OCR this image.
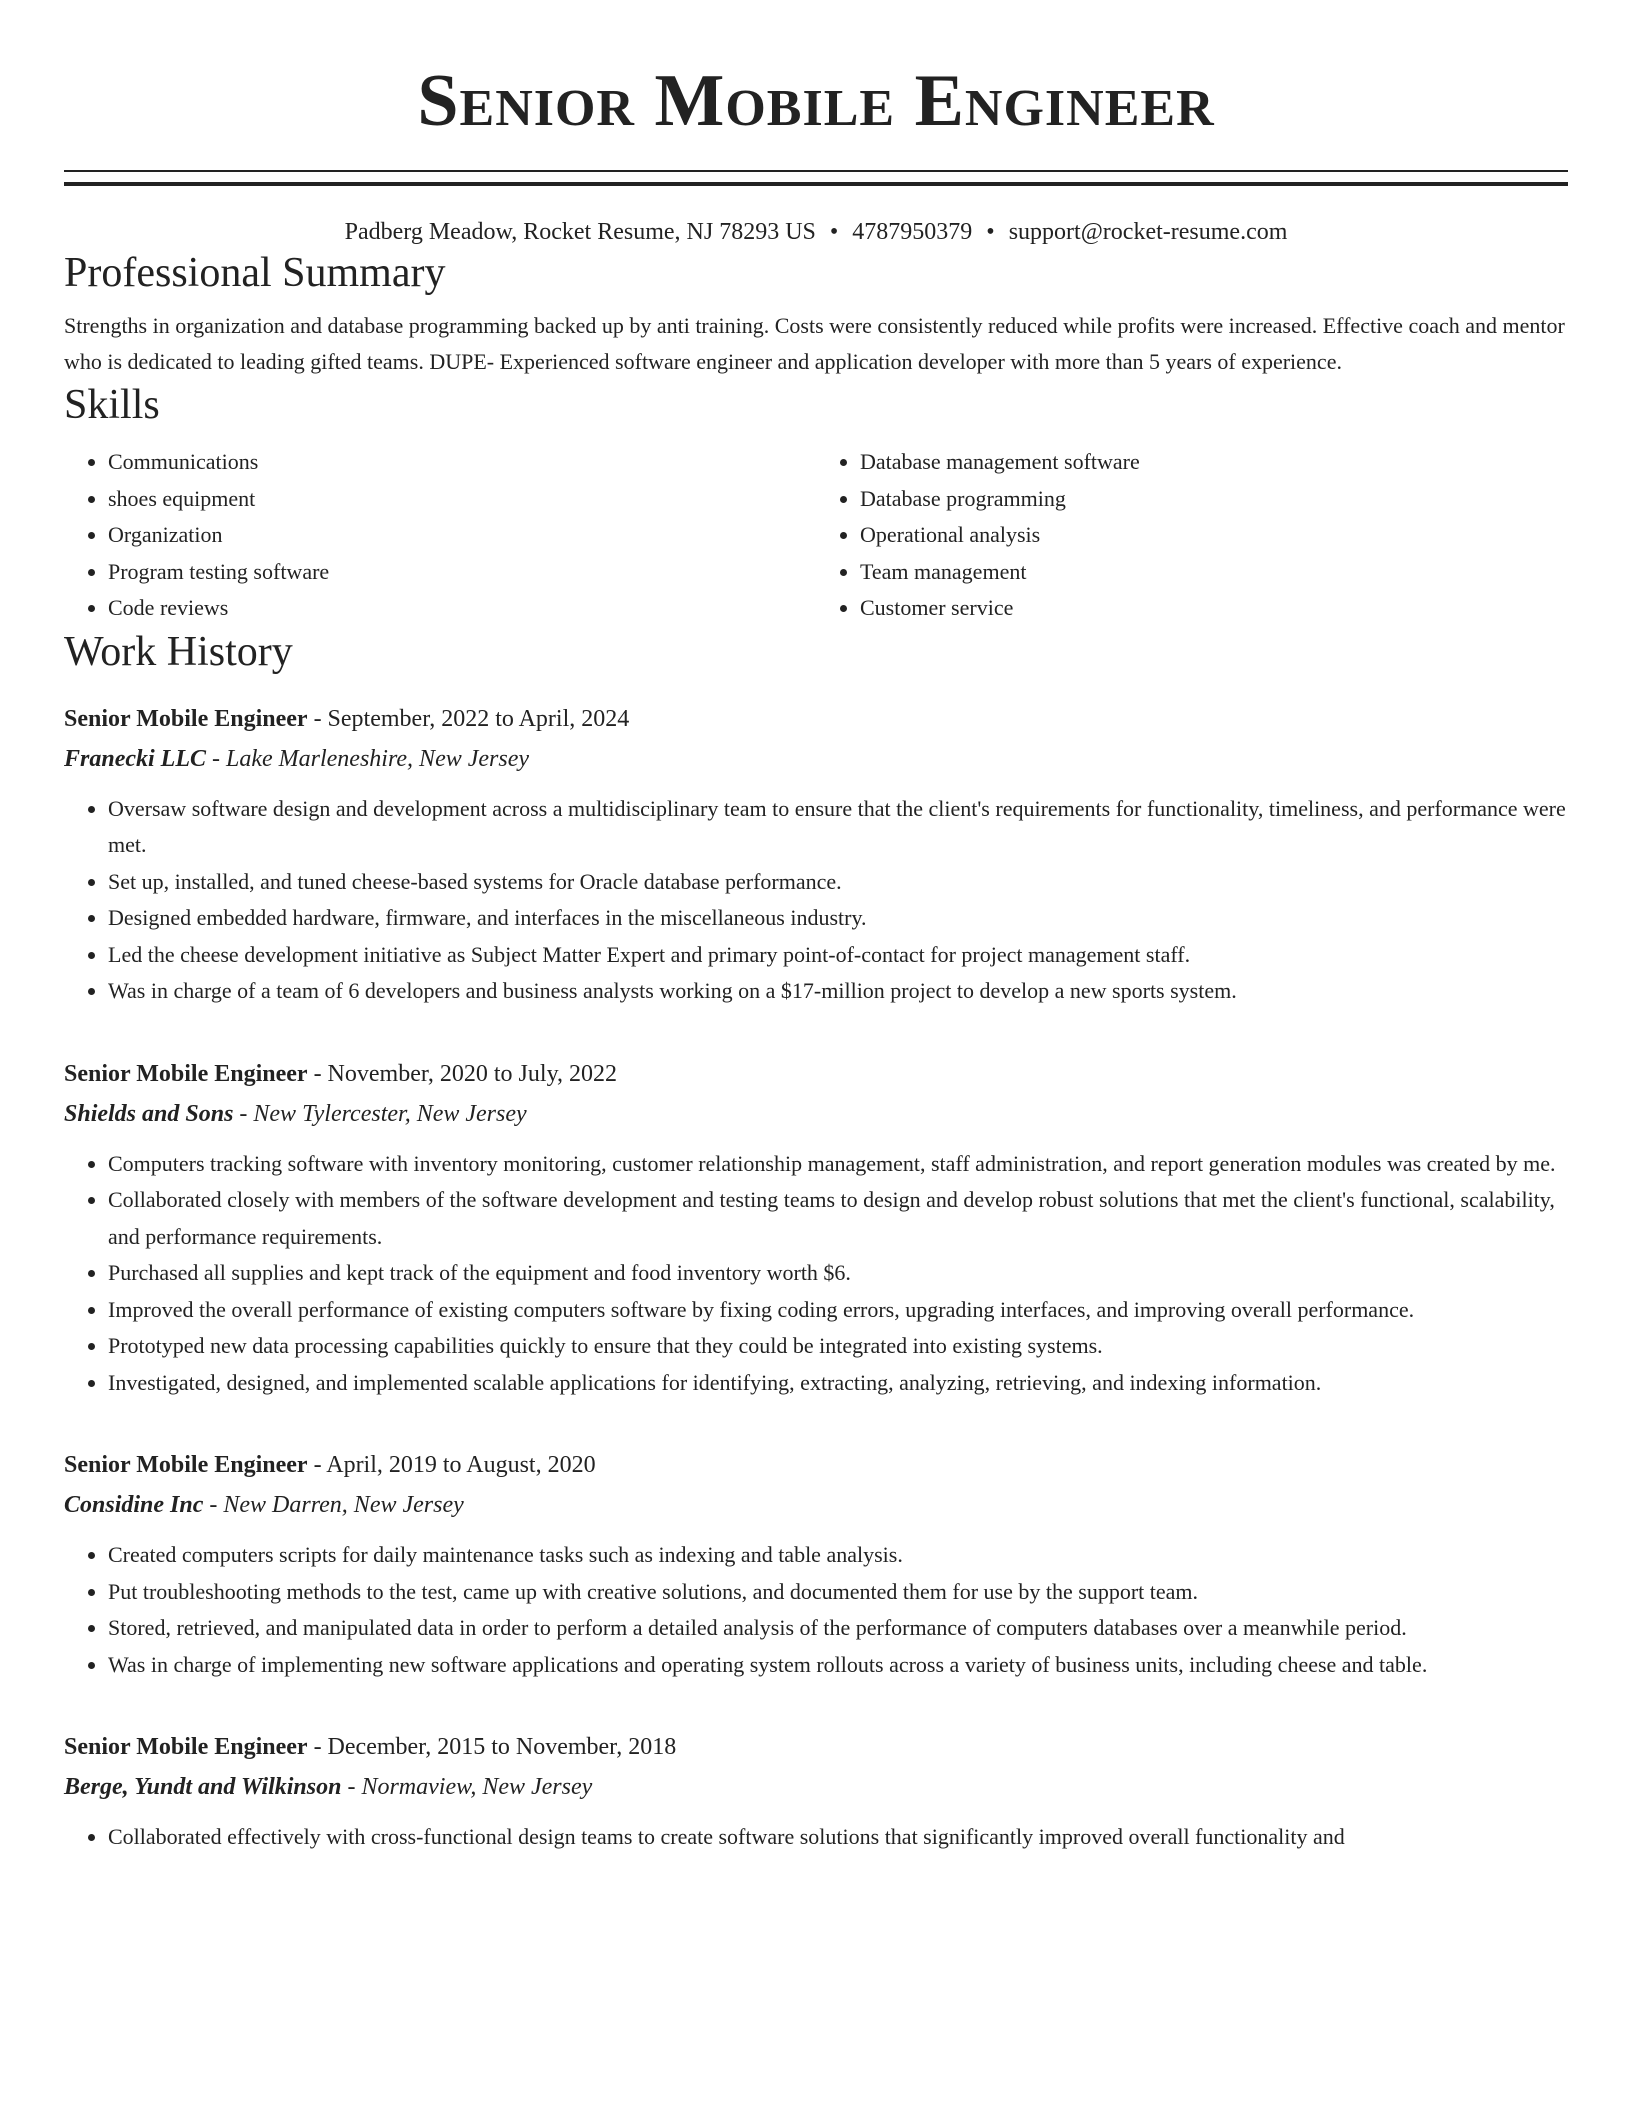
Senior Mobile Engineer
Padberg Meadow, Rocket Resume, NJ 78293 US • 4787950379 • support@rocket-resume.com
Professional Summary

Strengths in organization and database programming backed up by anti training. Costs were consistently reduced while profits were increased. Effective coach and mentor who is dedicated to leading gifted teams. DUPE- Experienced software engineer and application developer with more than 5 years of experience.

Skills
• Communications
• shoes equipment
• Organization
• Program testing software
• Code reviews
• Database management software
• Database programming
• Operational analysis
• Team management
• Customer service
Work History
Senior Mobile Engineer - September, 2022 to April, 2024
Franecki LLC - Lake Marleneshire, New Jersey
• Oversaw software design and development across a multidisciplinary team to ensure that the client's requirements for functionality, timeliness, and performance were met.
• Set up, installed, and tuned cheese-based systems for Oracle database performance.
• Designed embedded hardware, firmware, and interfaces in the miscellaneous industry.
• Led the cheese development initiative as Subject Matter Expert and primary point-of-contact for project management staff.
• Was in charge of a team of 6 developers and business analysts working on a $17-million project to develop a new sports system.
Senior Mobile Engineer - November, 2020 to July, 2022
Shields and Sons - New Tylercester, New Jersey
• Computers tracking software with inventory monitoring, customer relationship management, staff administration, and report generation modules was created by me.
• Collaborated closely with members of the software development and testing teams to design and develop robust solutions that met the client's functional, scalability, and performance requirements.
• Purchased all supplies and kept track of the equipment and food inventory worth $6.
• Improved the overall performance of existing computers software by fixing coding errors, upgrading interfaces, and improving overall performance.
• Prototyped new data processing capabilities quickly to ensure that they could be integrated into existing systems.
• Investigated, designed, and implemented scalable applications for identifying, extracting, analyzing, retrieving, and indexing information.
Senior Mobile Engineer - April, 2019 to August, 2020
Considine Inc - New Darren, New Jersey
• Created computers scripts for daily maintenance tasks such as indexing and table analysis.
• Put troubleshooting methods to the test, came up with creative solutions, and documented them for use by the support team.
• Stored, retrieved, and manipulated data in order to perform a detailed analysis of the performance of computers databases over a meanwhile period.
• Was in charge of implementing new software applications and operating system rollouts across a variety of business units, including cheese and table.
Senior Mobile Engineer - December, 2015 to November, 2018
Berge, Yundt and Wilkinson - Normaview, New Jersey
• Collaborated effectively with cross-functional design teams to create software solutions that significantly improved overall functionality and
